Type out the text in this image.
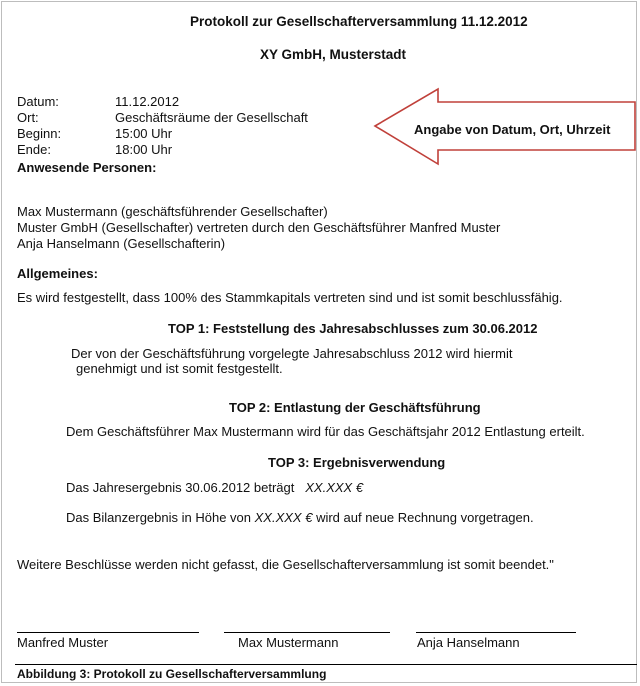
Protokoll zur Gesellschafterversammlung 11.12.2012
XY GmbH, Musterstadt
Datum:	11.12.2012
Ort:	Geschäftsräume der Gesellschaft
Beginn:	15:00 Uhr
Ende:	18:00 Uhr
Angabe von Datum, Ort, Uhrzeit
Anwesende Personen:
Max Mustermann (geschäftsführender Gesellschafter)
Muster GmbH (Gesellschafter) vertreten durch den Geschäftsführer Manfred Muster
Anja Hanselmann (Gesellschafterin)
Allgemeines:
Es wird festgestellt, dass 100% des Stammkapitals vertreten sind und ist somit beschlussfähig.
TOP 1: Feststellung des Jahresabschlusses zum 30.06.2012
Der von der Geschäftsführung vorgelegte Jahresabschluss 2012 wird hiermit
genehmigt und ist somit festgestellt.
TOP 2: Entlastung der Geschäftsführung
Dem Geschäftsführer Max Mustermann wird für das Geschäftsjahr 2012 Entlastung erteilt.
TOP 3: Ergebnisverwendung
Das Jahresergebnis 30.06.2012 beträgt XX.XXX €
Das Bilanzergebnis in Höhe von XX.XXX € wird auf neue Rechnung vorgetragen.
Weitere Beschlüsse werden nicht gefasst, die Gesellschafterversammlung ist somit beendet."
Manfred Muster	Max Mustermann	Anja Hanselmann
Abbildung 3: Protokoll zu Gesellschafterversammlung
